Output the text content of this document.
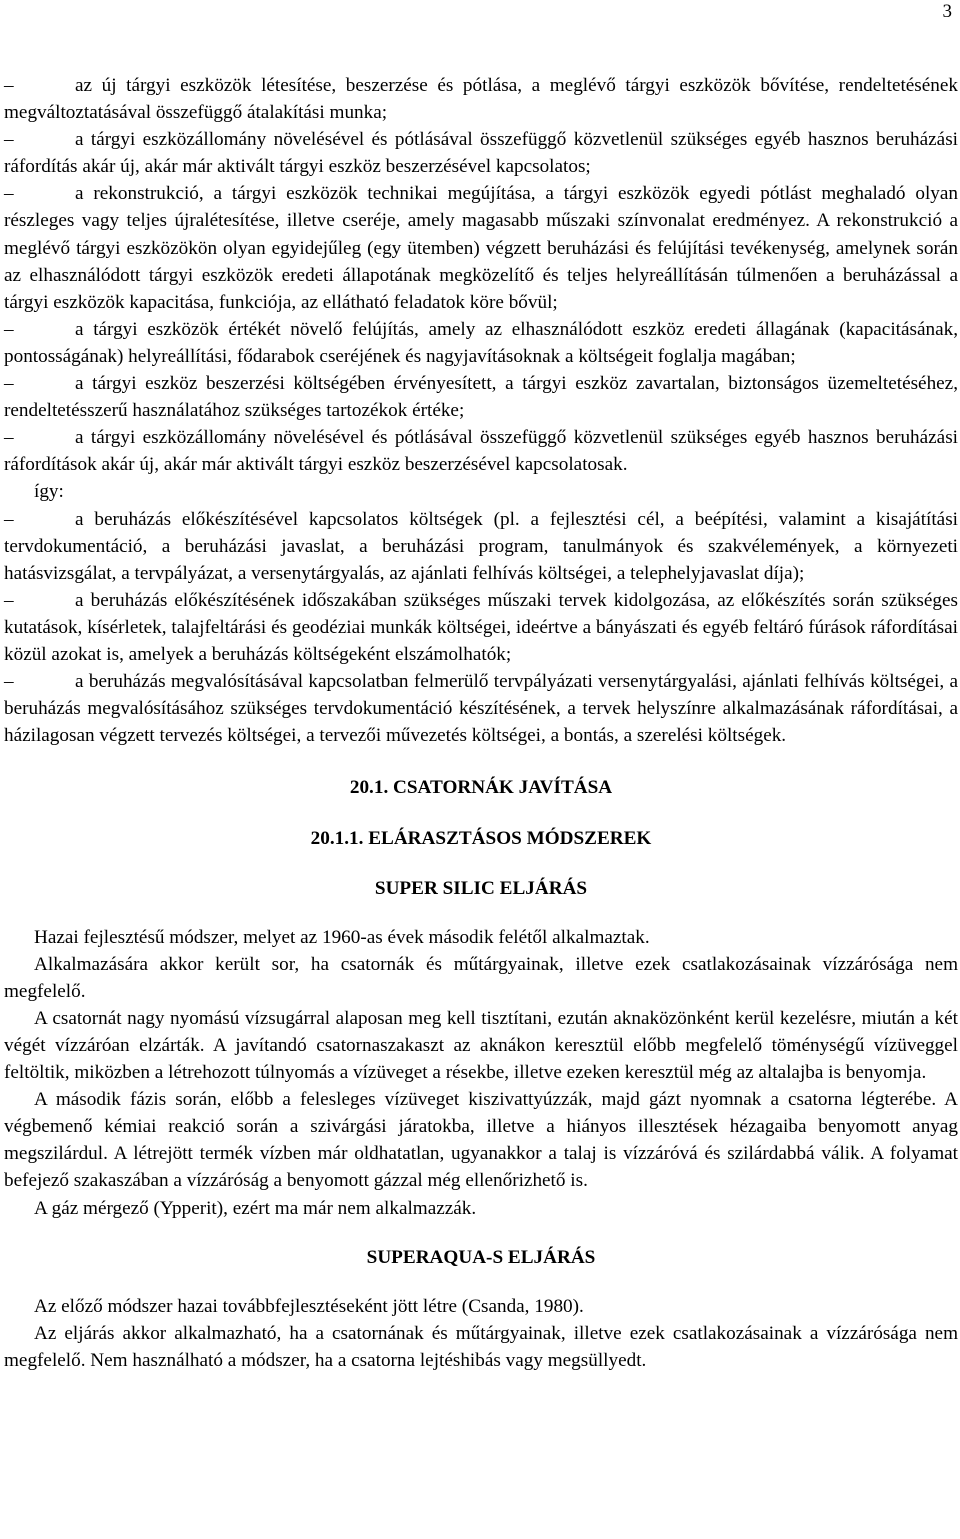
3

–	az új tárgyi eszközök létesítése, beszerzése és pótlása, a meglévő tárgyi eszközök bővítése, rendeltetésének megváltoztatásával összefüggő átalakítási munka;

–	a tárgyi eszközállomány növelésével és pótlásával összefüggő közvetlenül szükséges egyéb hasznos beruházási ráfordítás akár új, akár már aktivált tárgyi eszköz beszerzésével kapcsolatos;

–	a rekonstrukció, a tárgyi eszközök technikai megújítása, a tárgyi eszközök egyedi pótlást meghaladó olyan részleges vagy teljes újralétesítése, illetve cseréje, amely magasabb műszaki színvonalat eredményez. A rekonstrukció a meglévő tárgyi eszközökön olyan egyidejűleg (egy ütemben) végzett beruházási és felújítási tevékenység, amelynek során az elhasználódott tárgyi eszközök eredeti állapotának megközelítő és teljes helyreállításán túlmenően a beruházással a tárgyi eszközök kapacitása, funkciója, az ellátható feladatok köre bővül;

–	a tárgyi eszközök értékét növelő felújítás, amely az elhasználódott eszköz eredeti állagának (kapacitásának, pontosságának) helyreállítási, fődarabok cseréjének és nagyjavításoknak a költségeit foglalja magában;

–	a tárgyi eszköz beszerzési költségében érvényesített, a tárgyi eszköz zavartalan, biztonságos üzemeltetéséhez, rendeltetésszerű használatához szükséges tartozékok értéke;

–	a tárgyi eszközállomány növelésével és pótlásával összefüggő közvetlenül szükséges egyéb hasznos beruházási ráfordítások akár új, akár már aktivált tárgyi eszköz beszerzésével kapcsolatosak.

így:

–	a beruházás előkészítésével kapcsolatos költségek (pl. a fejlesztési cél, a beépítési, valamint a kisajátítási tervdokumentáció, a beruházási javaslat, a beruházási program, tanulmányok és szakvélemények, a környezeti hatásvizsgálat, a tervpályázat, a versenytárgyalás, az ajánlati felhívás költségei, a telephelyjavaslat díja);

–	a beruházás előkészítésének időszakában szükséges műszaki tervek kidolgozása, az előkészítés során szükséges kutatások, kísérletek, talajfeltárási és geodéziai munkák költségei, ideértve a bányászati és egyéb feltáró fúrások ráfordításai közül azokat is, amelyek a beruházás költségeként elszámolhatók;

–	a beruházás megvalósításával kapcsolatban felmerülő tervpályázati versenytárgyalási, ajánlati felhívás költségei, a beruházás megvalósításához szükséges tervdokumentáció készítésének, a tervek helyszínre alkalmazásának ráfordításai, a házilagosan végzett tervezés költségei, a tervezői művezetés költségei, a bontás, a szerelési költségek.

20.1. CSATORNÁK JAVÍTÁSA

20.1.1. ELÁRASZTÁSOS MÓDSZEREK

SUPER SILIC ELJÁRÁS

Hazai fejlesztésű módszer, melyet az 1960-as évek második felétől alkalmaztak.

Alkalmazására akkor került sor, ha csatornák és műtárgyainak, illetve ezek csatlakozásainak vízzárósága nem megfelelő.

A csatornát nagy nyomású vízsugárral alaposan meg kell tisztítani, ezután aknaközönként kerül kezelésre, miután a két végét vízzáróan elzárták. A javítandó csatornaszakaszt az aknákon keresztül előbb megfelelő töménységű vízüveggel feltöltik, miközben a létrehozott túlnyomás a vízüveget a résekbe, illetve ezeken keresztül még az altalajba is benyomja.

A második fázis során, előbb a felesleges vízüveget kiszivattyúzzák, majd gázt nyomnak a csatorna légterébe. A végbemenő kémiai reakció során a szivárgási járatokba, illetve a hiányos illesztések hézagaiba benyomott anyag megszilárdul. A létrejött termék vízben már oldhatatlan, ugyanakkor a talaj is vízzáróvá és szilárdabbá válik. A folyamat befejező szakaszában a vízzáróság a benyomott gázzal még ellenőrizhető is.

A gáz mérgező (Ypperit), ezért ma már nem alkalmazzák.

SUPERAQUA-S ELJÁRÁS

Az előző módszer hazai továbbfejlesztéseként jött létre (Csanda, 1980).

Az eljárás akkor alkalmazható, ha a csatornának és műtárgyainak, illetve ezek csatlakozásainak a vízzárósága nem megfelelő. Nem használható a módszer, ha a csatorna lejtéshibás vagy megsüllyedt.
